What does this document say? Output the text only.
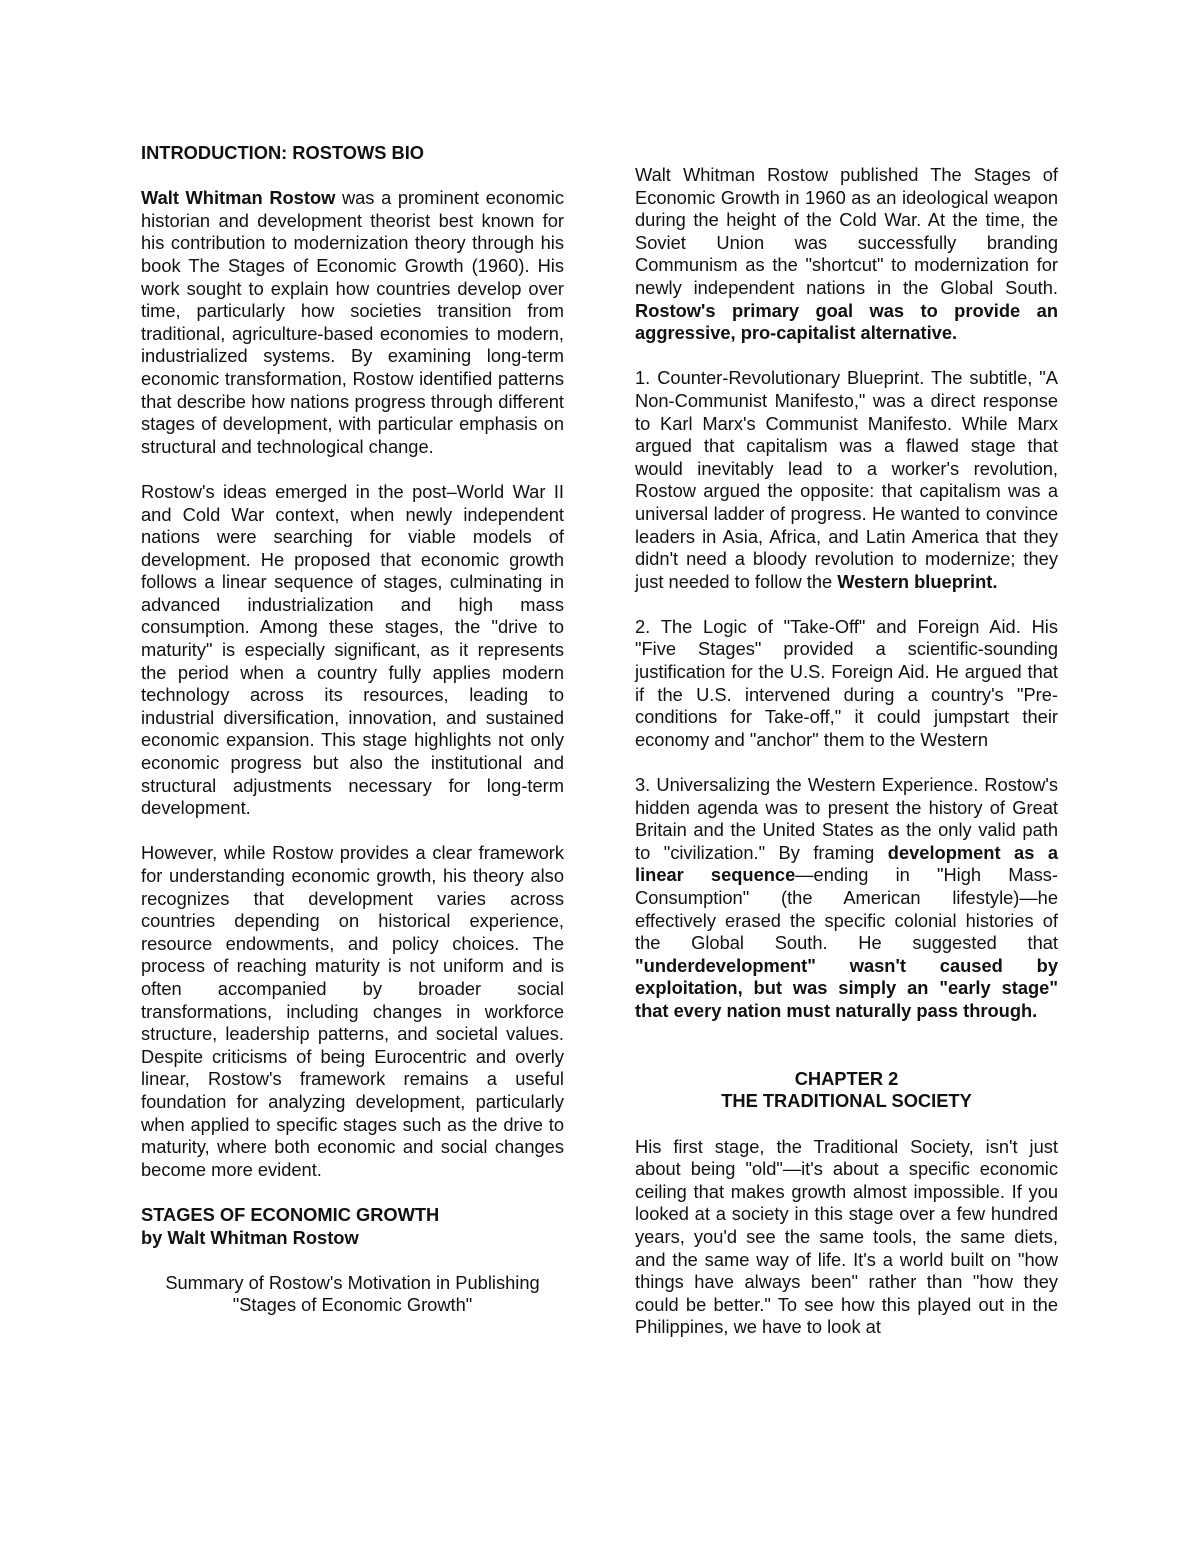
INTRODUCTION: ROSTOWS BIO

Walt Whitman Rostow was a prominent economic historian and development theorist best known for his contribution to modernization theory through his book The Stages of Economic Growth (1960). His work sought to explain how countries develop over time, particularly how societies transition from traditional, agriculture-based economies to modern, industrialized systems. By examining long-term economic transformation, Rostow identified patterns that describe how nations progress through different stages of development, with particular emphasis on structural and technological change.

Rostow's ideas emerged in the post–World War II and Cold War context, when newly independent nations were searching for viable models of development. He proposed that economic growth follows a linear sequence of stages, culminating in advanced industrialization and high mass consumption. Among these stages, the "drive to maturity" is especially significant, as it represents the period when a country fully applies modern technology across its resources, leading to industrial diversification, innovation, and sustained economic expansion. This stage highlights not only economic progress but also the institutional and structural adjustments necessary for long-term development.

However, while Rostow provides a clear framework for understanding economic growth, his theory also recognizes that development varies across countries depending on historical experience, resource endowments, and policy choices. The process of reaching maturity is not uniform and is often accompanied by broader social transformations, including changes in workforce structure, leadership patterns, and societal values. Despite criticisms of being Eurocentric and overly linear, Rostow's framework remains a useful foundation for analyzing development, particularly when applied to specific stages such as the drive to maturity, where both economic and social changes become more evident.

STAGES OF ECONOMIC GROWTH

by Walt Whitman Rostow

Summary of Rostow's Motivation in Publishing
"Stages of Economic Growth"

Walt Whitman Rostow published The Stages of Economic Growth in 1960 as an ideological weapon during the height of the Cold War. At the time, the Soviet Union was successfully branding Communism as the "shortcut" to modernization for newly independent nations in the Global South. Rostow's primary goal was to provide an aggressive, pro-capitalist alternative.

1. Counter-Revolutionary Blueprint. The subtitle, "A Non-Communist Manifesto," was a direct response to Karl Marx's Communist Manifesto. While Marx argued that capitalism was a flawed stage that would inevitably lead to a worker's revolution, Rostow argued the opposite: that capitalism was a universal ladder of progress. He wanted to convince leaders in Asia, Africa, and Latin America that they didn't need a bloody revolution to modernize; they just needed to follow the Western blueprint.

2. The Logic of "Take-Off" and Foreign Aid. His "Five Stages" provided a scientific-sounding justification for the U.S. Foreign Aid. He argued that if the U.S. intervened during a country's "Pre-conditions for Take-off," it could jumpstart their economy and "anchor" them to the Western

3. Universalizing the Western Experience. Rostow's hidden agenda was to present the history of Great Britain and the United States as the only valid path to "civilization." By framing development as a linear sequence—ending in "High Mass-Consumption" (the American lifestyle)—he effectively erased the specific colonial histories of the Global South. He suggested that "underdevelopment" wasn't caused by exploitation, but was simply an "early stage" that every nation must naturally pass through.

CHAPTER 2

THE TRADITIONAL SOCIETY

His first stage, the Traditional Society, isn't just about being "old"—it's about a specific economic ceiling that makes growth almost impossible. If you looked at a society in this stage over a few hundred years, you'd see the same tools, the same diets, and the same way of life. It's a world built on "how things have always been" rather than "how they could be better." To see how this played out in the Philippines, we have to look at
